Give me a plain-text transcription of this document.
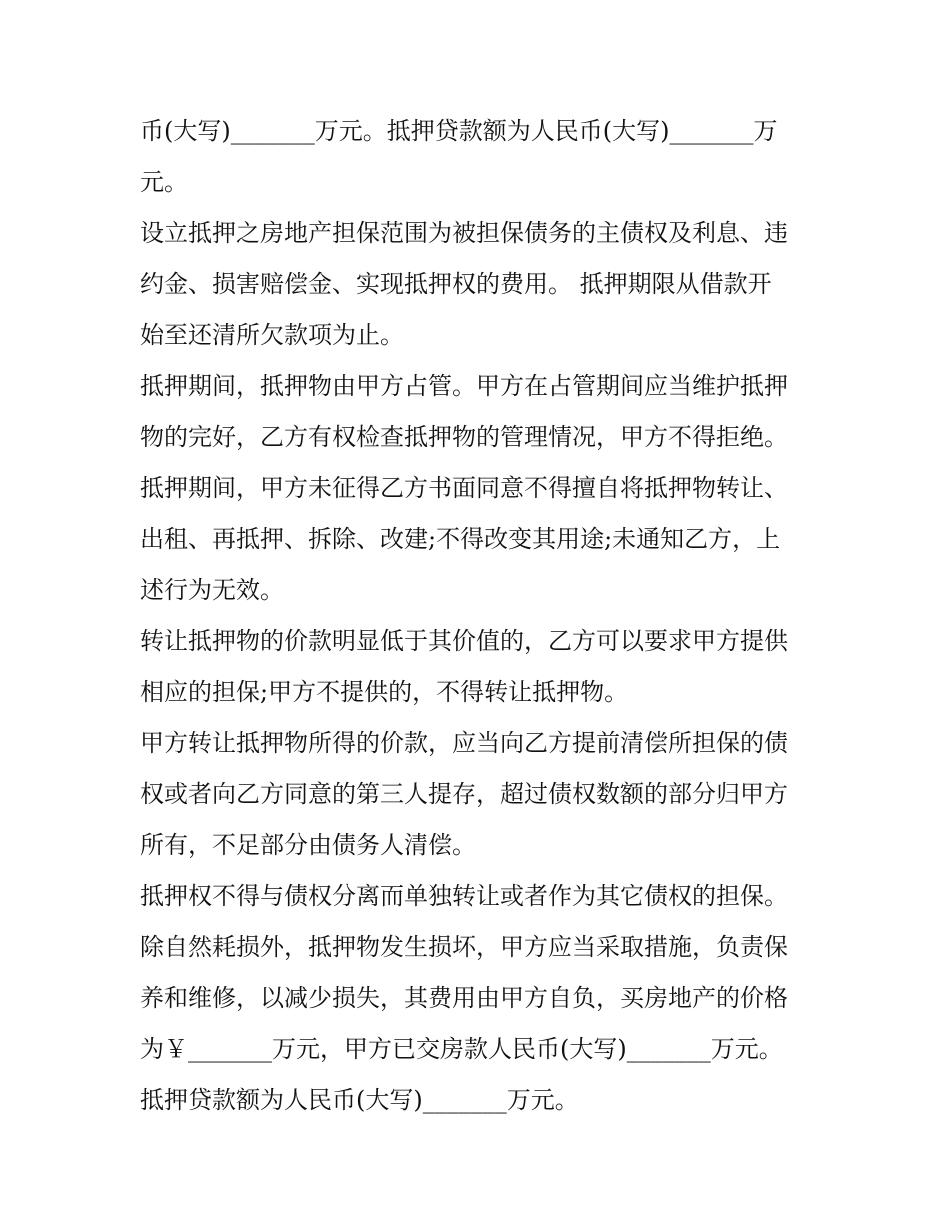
币(大写)_______万元。抵押贷款额为人民币(大写)_______万

元。

设立抵押之房地产担保范围为被担保债务的主债权及利息、违

约金、损害赔偿金、实现抵押权的费用。 抵押期限从借款开

始至还清所欠款项为止。

抵押期间，抵押物由甲方占管。甲方在占管期间应当维护抵押

物的完好，乙方有权检查抵押物的管理情况，甲方不得拒绝。

抵押期间，甲方未征得乙方书面同意不得擅自将抵押物转让、

出租、再抵押、拆除、改建;不得改变其用途;未通知乙方，上

述行为无效。

转让抵押物的价款明显低于其价值的，乙方可以要求甲方提供

相应的担保;甲方不提供的，不得转让抵押物。

甲方转让抵押物所得的价款，应当向乙方提前清偿所担保的债

权或者向乙方同意的第三人提存，超过债权数额的部分归甲方

所有，不足部分由债务人清偿。

抵押权不得与债权分离而单独转让或者作为其它债权的担保。

除自然耗损外，抵押物发生损坏，甲方应当采取措施，负责保

养和维修，以减少损失，其费用由甲方自负，买房地产的价格

为￥_______万元，甲方已交房款人民币(大写)_______万元。

抵押贷款额为人民币(大写)_______万元。
